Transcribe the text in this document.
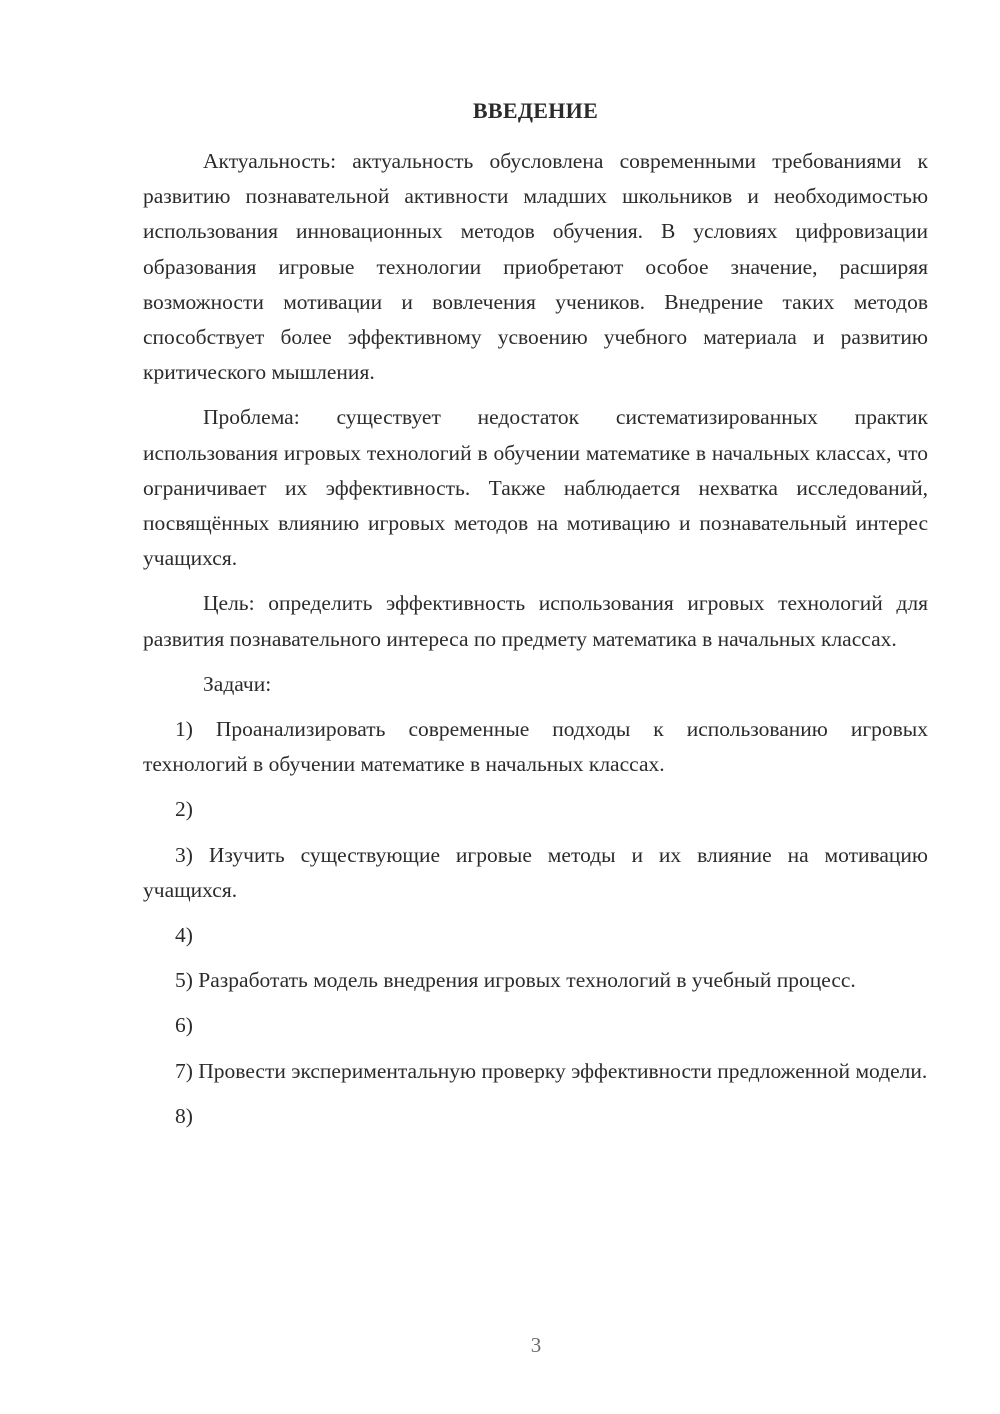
ВВЕДЕНИЕ

Актуальность: актуальность обусловлена современными требованиями к развитию познавательной активности младших школьников и необходимостью использования инновационных методов обучения. В условиях цифровизации образования игровые технологии приобретают особое значение, расширяя возможности мотивации и вовлечения учеников. Внедрение таких методов способствует более эффективному усвоению учебного материала и развитию критического мышления.

Проблема: существует недостаток систематизированных практик использования игровых технологий в обучении математике в начальных классах, что ограничивает их эффективность. Также наблюдается нехватка исследований, посвящённых влиянию игровых методов на мотивацию и познавательный интерес учащихся.

Цель: определить эффективность использования игровых технологий для развития познавательного интереса по предмету математика в начальных классах.

Задачи:

1) Проанализировать современные подходы к использованию игровых технологий в обучении математике в начальных классах.

2)

3) Изучить существующие игровые методы и их влияние на мотивацию учащихся.

4)

5) Разработать модель внедрения игровых технологий в учебный процесс.

6)

7) Провести экспериментальную проверку эффективности предложенной модели.

8)

3
